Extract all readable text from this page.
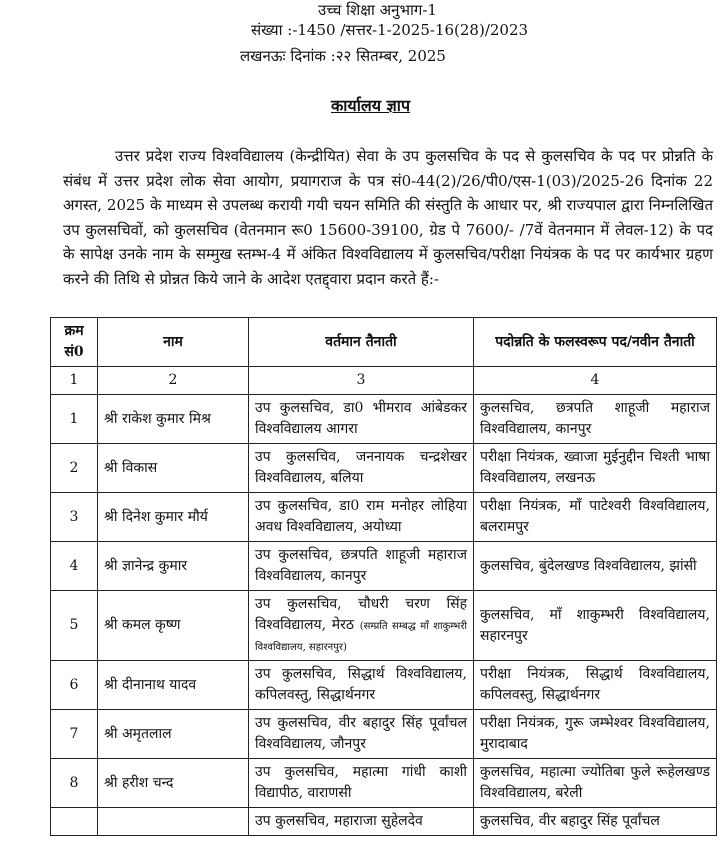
उच्च शिक्षा अनुभाग-1
संख्या :-1450 /सत्तर-1-2025-16(28)/2023
लखनऊः दिनांक :२२ सितम्बर, 2025
कार्यालय ज्ञाप
उत्तर प्रदेश राज्य विश्वविद्यालय (केन्द्रीयित) सेवा के उप कुलसचिव के पद से कुलसचिव के पद पर प्रोन्नति के संबंध में उत्तर प्रदेश लोक सेवा आयोग, प्रयागराज के पत्र सं0-44(2)/26/पी0/एस-1(03)/2025-26 दिनांक 22 अगस्त, 2025 के माध्यम से उपलब्ध करायी गयी चयन समिति की संस्तुति के आधार पर, श्री राज्यपाल द्वारा निम्नलिखित उप कुलसचिवों, को कुलसचिव (वेतनमान रू0 15600-39100, ग्रेड पे 7600/- /7वें वेतनमान में लेवल-12) के पद के सापेक्ष उनके नाम के सम्मुख स्तम्भ-4 में अंकित विश्वविद्यालय में कुलसचिव/परीक्षा नियंत्रक के पद पर कार्यभार ग्रहण करने की तिथि से प्रोन्नत किये जाने के आदेश एतद्द्वारा प्रदान करते हैं:-
क्रम सं0	नाम	वर्तमान तैनाती	पदोन्नति के फलस्वरूप पद/नवीन तैनाती
1	2	3	4
1	श्री राकेश कुमार मिश्र	उप कुलसचिव, डा0 भीमराव आंबेडकर विश्वविद्यालय आगरा	कुलसचिव, छत्रपति शाहूजी महाराज विश्वविद्यालय, कानपुर
2	श्री विकास	उप कुलसचिव, जननायक चन्द्रशेखर विश्वविद्यालय, बलिया	परीक्षा नियंत्रक, ख्वाजा मुईनुद्दीन चिश्ती भाषा विश्वविद्यालय, लखनऊ
3	श्री दिनेश कुमार मौर्य	उप कुलसचिव, डा0 राम मनोहर लोहिया अवध विश्वविद्यालय, अयोध्या	परीक्षा नियंत्रक, माँ पाटेश्वरी विश्वविद्यालय, बलरामपुर
4	श्री ज्ञानेन्द्र कुमार	उप कुलसचिव, छत्रपति शाहूजी महाराज विश्वविद्यालय, कानपुर	कुलसचिव, बुंदेलखण्ड विश्वविद्यालय, झांसी
5	श्री कमल कृष्ण	उप कुलसचिव, चौधरी चरण सिंह विश्वविद्यालय, मेरठ (सम्प्रति सम्बद्ध माँ शाकुम्भरी विश्वविद्यालय, सहारनपुर)	कुलसचिव, माँ शाकुम्भरी विश्वविद्यालय, सहारनपुर
6	श्री दीनानाथ यादव	उप कुलसचिव, सिद्धार्थ विश्वविद्यालय, कपिलवस्तु, सिद्धार्थनगर	परीक्षा नियंत्रक, सिद्धार्थ विश्वविद्यालय, कपिलवस्तु, सिद्धार्थनगर
7	श्री अमृतलाल	उप कुलसचिव, वीर बहादुर सिंह पूर्वांचल विश्वविद्यालय, जौनपुर	परीक्षा नियंत्रक, गुरू जम्भेश्वर विश्वविद्यालय, मुरादाबाद
8	श्री हरीश चन्द	उप कुलसचिव, महात्मा गांधी काशी विद्यापीठ, वाराणसी	कुलसचिव, महात्मा ज्योतिबा फुले रूहेलखण्ड विश्वविद्यालय, बरेली
		उप कुलसचिव, महाराजा सुहेलदेव	कुलसचिव, वीर बहादुर सिंह पूर्वांचल
